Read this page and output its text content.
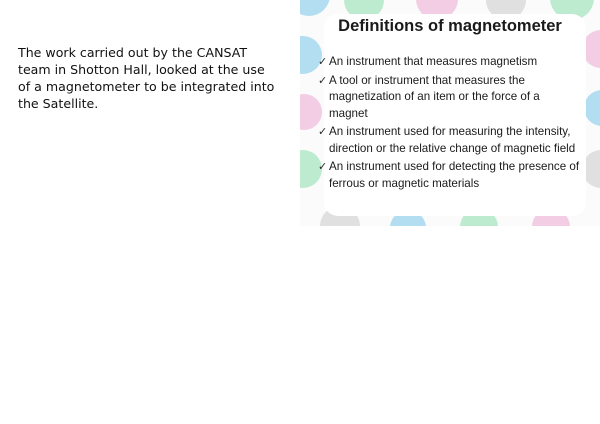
The work carried out by the CANSAT team in Shotton Hall, looked at the use of a magnetometer to be integrated into the Satellite.

Definitions of magnetometer
✓ An instrument that measures magnetism
✓ A tool or instrument that measures the magnetization of an item or the force of a magnet
✓ An instrument used for measuring the intensity, direction or the relative change of magnetic field
✓ An instrument used for detecting the presence of ferrous or magnetic materials
